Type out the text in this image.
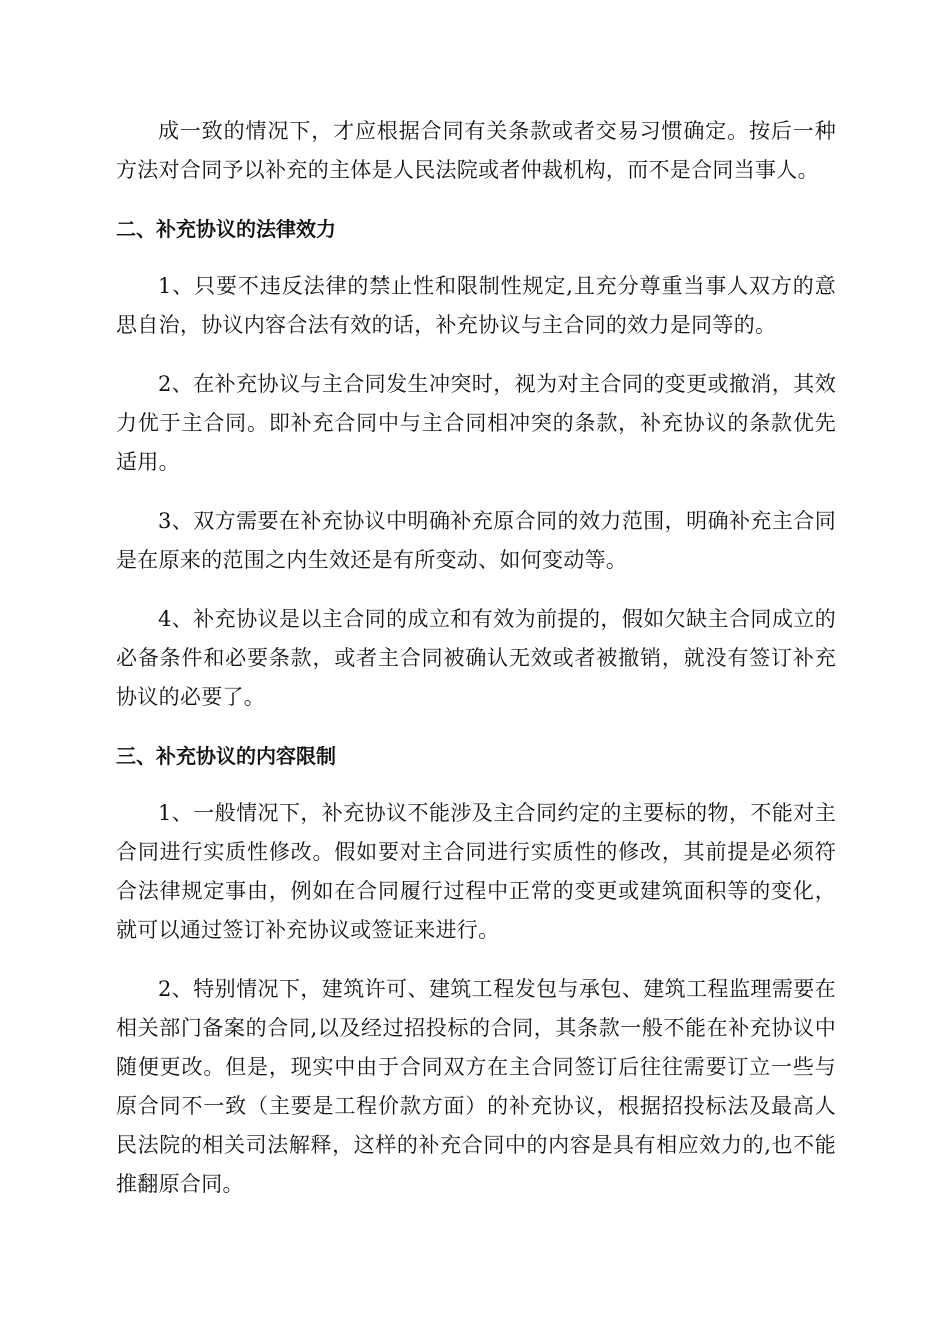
成一致的情况下，才应根据合同有关条款或者交易习惯确定。按后一种方法对合同予以补充的主体是人民法院或者仲裁机构，而不是合同当事人。

二、补充协议的法律效力

1、只要不违反法律的禁止性和限制性规定,且充分尊重当事人双方的意思自治，协议内容合法有效的话，补充协议与主合同的效力是同等的。

2、在补充协议与主合同发生冲突时，视为对主合同的变更或撤消，其效力优于主合同。即补充合同中与主合同相冲突的条款，补充协议的条款优先适用。

3、双方需要在补充协议中明确补充原合同的效力范围，明确补充主合同是在原来的范围之内生效还是有所变动、如何变动等。

4、补充协议是以主合同的成立和有效为前提的，假如欠缺主合同成立的必备条件和必要条款，或者主合同被确认无效或者被撤销，就没有签订补充协议的必要了。

三、补充协议的内容限制

1、一般情况下，补充协议不能涉及主合同约定的主要标的物，不能对主合同进行实质性修改。假如要对主合同进行实质性的修改，其前提是必须符合法律规定事由，例如在合同履行过程中正常的变更或建筑面积等的变化，就可以通过签订补充协议或签证来进行。

2、特别情况下，建筑许可、建筑工程发包与承包、建筑工程监理需要在相关部门备案的合同,以及经过招投标的合同，其条款一般不能在补充协议中随便更改。但是，现实中由于合同双方在主合同签订后往往需要订立一些与原合同不一致（主要是工程价款方面）的补充协议，根据招投标法及最高人民法院的相关司法解释，这样的补充合同中的内容是具有相应效力的,也不能推翻原合同。
